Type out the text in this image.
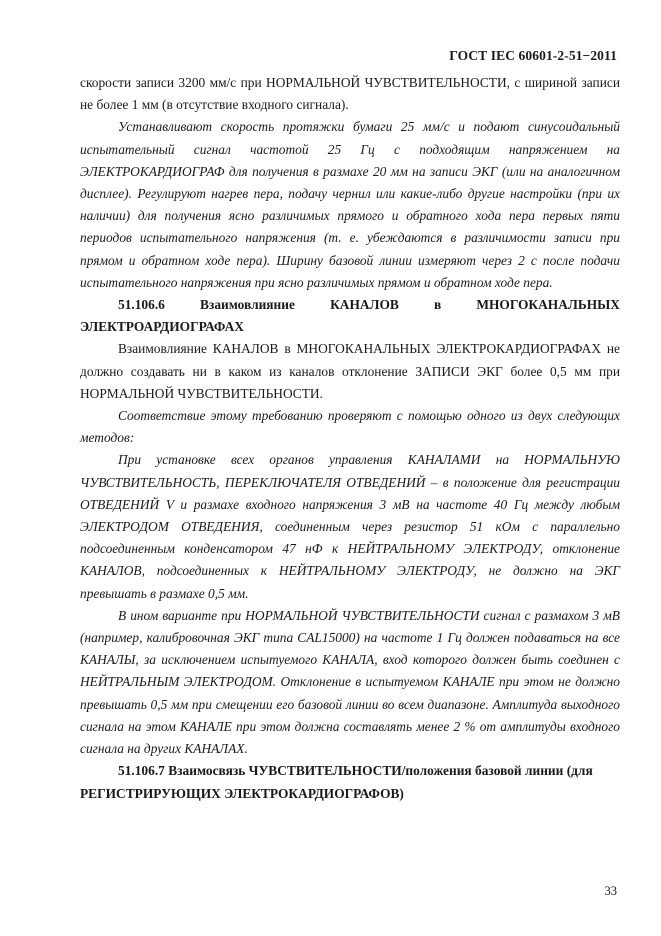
ГОСТ IEC 60601-2-51−2011

скорости записи 3200 мм/с при НОРМАЛЬНОЙ ЧУВСТВИТЕЛЬНОСТИ, с шириной записи не более 1 мм (в отсутствие входного сигнала).

Устанавливают скорость протяжки бумаги 25 мм/с и подают синусоидальный испытательный сигнал частотой 25 Гц с подходящим напряжением на ЭЛЕКТРОКАРДИОГРАФ для получения в размахе 20 мм на записи ЭКГ (или на аналогичном дисплее). Регулируют нагрев пера, подачу чернил или какие-либо другие настройки (при их наличии) для получения ясно различимых прямого и обратного хода пера первых пяти периодов испытательного напряжения (т. е. убеждаются в различимости записи при прямом и обратном ходе пера). Ширину базовой линии измеряют через 2 с после подачи испытательного напряжения при ясно различимых прямом и обратном ходе пера.

51.106.6	Взаимовлияние	КАНАЛОВ	в	МНОГОКАНАЛЬНЫХ

ЭЛЕКТРОАРДИОГРАФАХ

Взаимовлияние КАНАЛОВ в МНОГОКАНАЛЬНЫХ ЭЛЕКТРОКАРДИОГРАФАХ не должно создавать ни в каком из каналов отклонение ЗАПИСИ ЭКГ более 0,5 мм при НОРМАЛЬНОЙ ЧУВСТВИТЕЛЬНОСТИ.

Соответствие этому требованию проверяют с помощью одного из двух следующих методов:

При установке всех органов управления КАНАЛАМИ на НОРМАЛЬНУЮ ЧУВСТВИТЕЛЬНОСТЬ, ПЕРЕКЛЮЧАТЕЛЯ ОТВЕДЕНИЙ – в положение для регистрации ОТВЕДЕНИЙ V и размахе входного напряжения 3 мВ на частоте 40 Гц между любым ЭЛЕКТРОДОМ ОТВЕДЕНИЯ, соединенным через резистор 51 кОм с параллельно подсоединенным конденсатором 47 нФ к НЕЙТРАЛЬНОМУ ЭЛЕКТРОДУ, отклонение КАНАЛОВ, подсоединенных к НЕЙТРАЛЬНОМУ ЭЛЕКТРОДУ, не должно на ЭКГ превышать в размахе 0,5 мм.

В ином варианте при НОРМАЛЬНОЙ ЧУВСТВИТЕЛЬНОСТИ сигнал с размахом 3 мВ (например, калибровочная ЭКГ типа CAL15000) на частоте 1 Гц должен подаваться на все КАНАЛЫ, за исключением испытуемого КАНАЛА, вход которого должен быть соединен с НЕЙТРАЛЬНЫМ ЭЛЕКТРОДОМ. Отклонение в испытуемом КАНАЛЕ при этом не должно превышать 0,5 мм при смещении его базовой линии во всем диапазоне. Амплитуда выходного сигнала на этом КАНАЛЕ при этом должна составлять менее 2 % от амплитуды входного сигнала на других КАНАЛАХ.

51.106.7 Взаимосвязь ЧУВСТВИТЕЛЬНОСТИ/положения базовой линии (для

РЕГИСТРИРУЮЩИХ ЭЛЕКТРОКАРДИОГРАФОВ)

33
